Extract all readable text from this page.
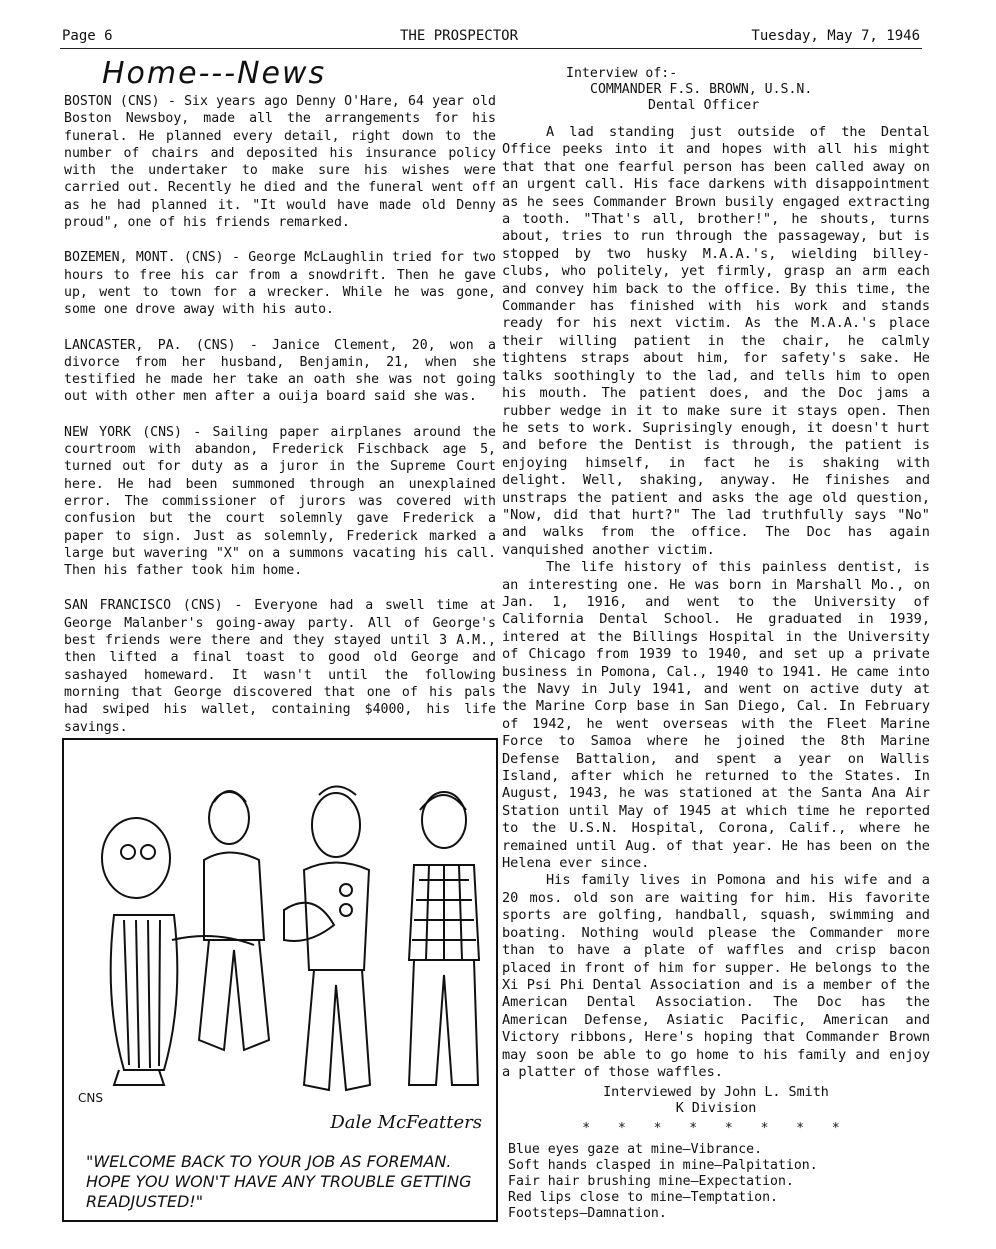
Page 6	THE PROSPECTOR	Tuesday, May 7, 1946
Home---News

BOSTON (CNS) - Six years ago Denny O'Hare, 64 year old Boston Newsboy, made all the arrangements for his funeral. He planned every detail, right down to the number of chairs and deposited his insurance policy with the undertaker to make sure his wishes were carried out. Recently he died and the funeral went off as he had planned it. "It would have made old Denny proud", one of his friends remarked.

BOZEMEN, MONT. (CNS) - George McLaughlin tried for two hours to free his car from a snowdrift. Then he gave up, went to town for a wrecker. While he was gone, some one drove away with his auto.

LANCASTER, PA. (CNS) - Janice Clement, 20, won a divorce from her husband, Benjamin, 21, when she testified he made her take an oath she was not going out with other men after a ouija board said she was.

NEW YORK (CNS) - Sailing paper airplanes around the courtroom with abandon, Frederick Fischback age 5, turned out for duty as a juror in the Supreme Court here. He had been summoned through an unexplained error. The commissioner of jurors was covered with confusion but the court solemnly gave Frederick a paper to sign. Just as solemnly, Frederick marked a large but wavering "X" on a summons vacating his call. Then his father took him home.

SAN FRANCISCO (CNS) - Everyone had a swell time at George Malanber's going-away party. All of George's best friends were there and they stayed until 3 A.M., then lifted a final toast to good old George and sashayed homeward. It wasn't until the following morning that George discovered that one of his pals had swiped his wallet, containing $4000, his life savings.

CNS
Dale McFeatters
"WELCOME BACK TO YOUR JOB AS FOREMAN. HOPE YOU WON'T HAVE ANY TROUBLE GETTING READJUSTED!"
Interview of:-
COMMANDER F.S. BROWN, U.S.N.
Dental Officer

A lad standing just outside of the Dental Office peeks into it and hopes with all his might that that one fearful person has been called away on an urgent call. His face darkens with disappointment as he sees Commander Brown busily engaged extracting a tooth. "That's all, brother!", he shouts, turns about, tries to run through the passageway, but is stopped by two husky M.A.A.'s, wielding billey-clubs, who politely, yet firmly, grasp an arm each and convey him back to the office. By this time, the Commander has finished with his work and stands ready for his next victim. As the M.A.A.'s place their willing patient in the chair, he calmly tightens straps about him, for safety's sake. He talks soothingly to the lad, and tells him to open his mouth. The patient does, and the Doc jams a rubber wedge in it to make sure it stays open. Then he sets to work. Suprisingly enough, it doesn't hurt and before the Dentist is through, the patient is enjoying himself, in fact he is shaking with delight. Well, shaking, anyway. He finishes and unstraps the patient and asks the age old question, "Now, did that hurt?" The lad truthfully says "No" and walks from the office. The Doc has again vanquished another victim.

The life history of this painless dentist, is an interesting one. He was born in Marshall Mo., on Jan. 1, 1916, and went to the University of California Dental School. He graduated in 1939, intered at the Billings Hospital in the University of Chicago from 1939 to 1940, and set up a private business in Pomona, Cal., 1940 to 1941. He came into the Navy in July 1941, and went on active duty at the Marine Corp base in San Diego, Cal. In February of 1942, he went overseas with the Fleet Marine Force to Samoa where he joined the 8th Marine Defense Battalion, and spent a year on Wallis Island, after which he returned to the States. In August, 1943, he was stationed at the Santa Ana Air Station until May of 1945 at which time he reported to the U.S.N. Hospital, Corona, Calif., where he remained until Aug. of that year. He has been on the Helena ever since.

His family lives in Pomona and his wife and a 20 mos. old son are waiting for him. His favorite sports are golfing, handball, squash, swimming and boating. Nothing would please the Commander more than to have a plate of waffles and crisp bacon placed in front of him for supper. He belongs to the Xi Psi Phi Dental Association and is a member of the American Dental Association. The Doc has the American Defense, Asiatic Pacific, American and Victory ribbons, Here's hoping that Commander Brown may soon be able to go home to his family and enjoy a platter of those waffles.

Interviewed by John L. Smith
K Division
* * * * * * * *
Blue eyes gaze at mine—Vibrance.
Soft hands clasped in mine—Palpitation.
Fair hair brushing mine—Expectation.
Red lips close to mine—Temptation.
Footsteps—Damnation.
